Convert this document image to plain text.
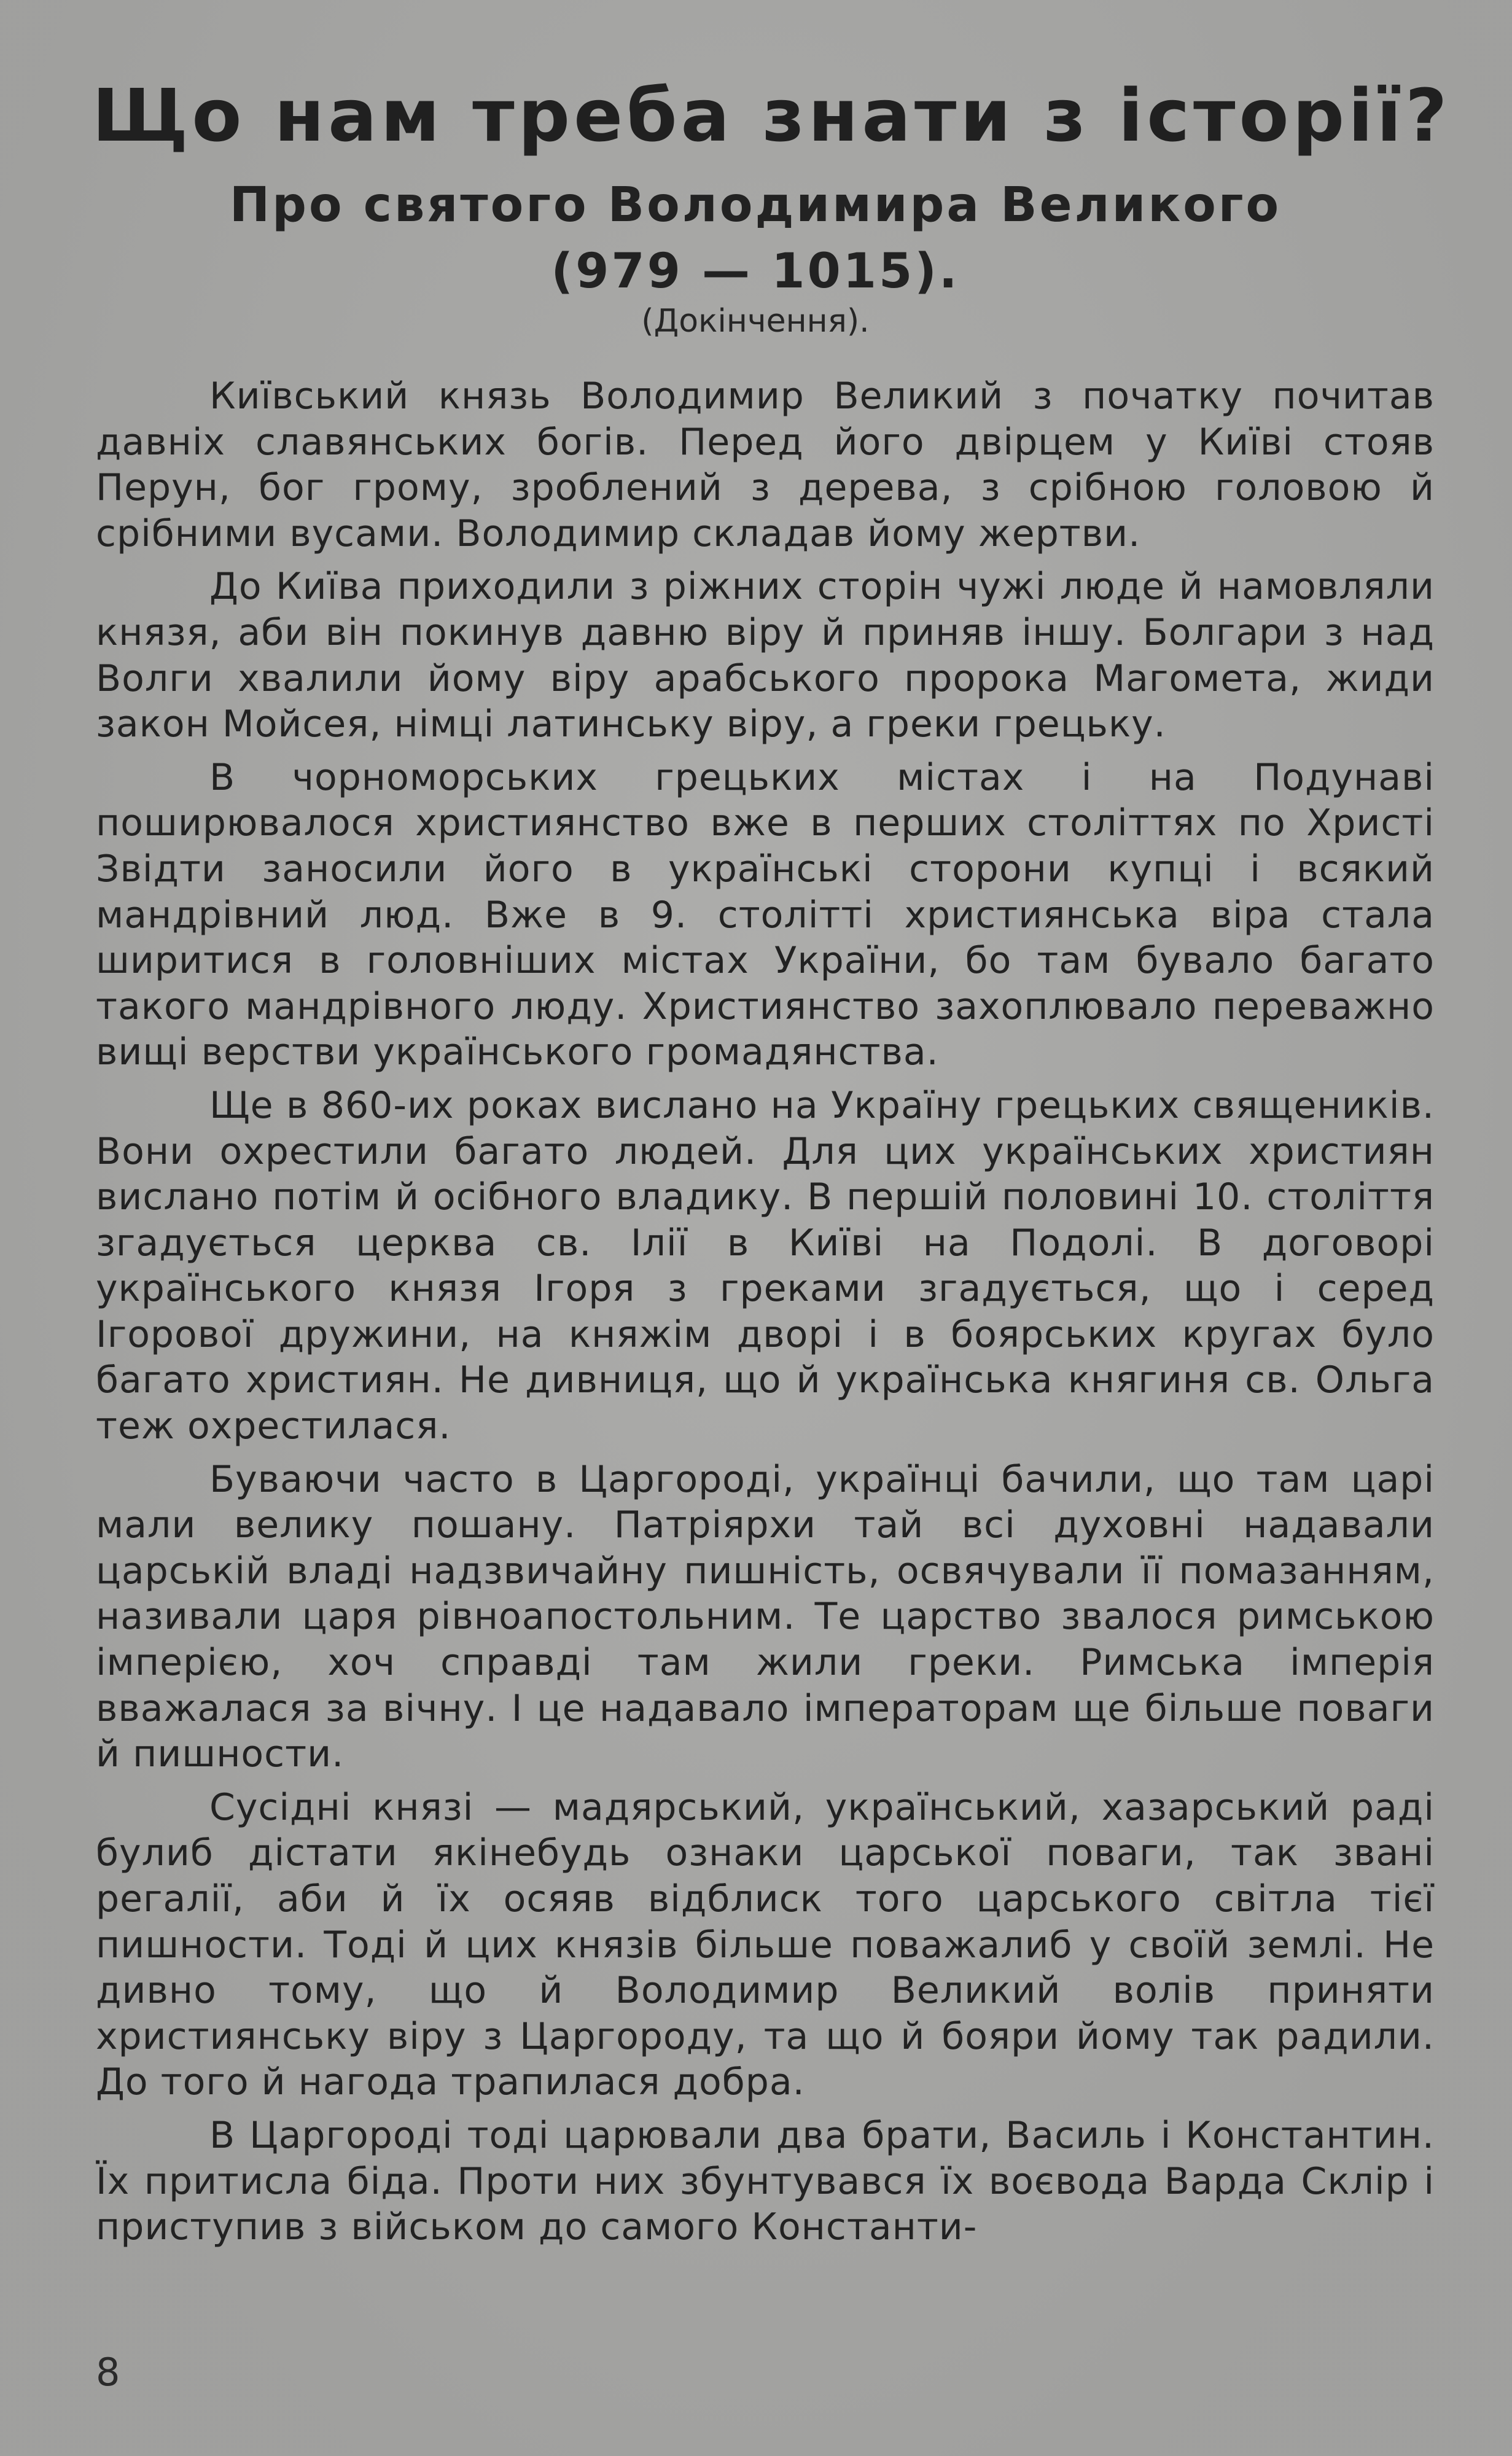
Що нам треба знати з історії?
Про святого Володимира Великого
(979 — 1015).
(Докінчення).

Київський князь Володимир Великий з початку почитав давніх славянських богів. Перед його двірцем у Київі стояв Перун, бог грому, зроблений з дерева, з срібною головою й срібними вусами. Володимир складав йому жертви.

До Київа приходили з ріжних сторін чужі люде й намовляли князя, аби він покинув давню віру й приняв іншу. Болгари з над Волги хвалили йому віру арабського пророка Магомета, жиди закон Мойсея, німці латинську віру, а греки грецьку.

В чорноморських грецьких містах і на Подунаві поширювалося християнство вже в перших століттях по Христі Звідти заносили його в українські сторони купці і всякий мандрівний люд. Вже в 9. столітті християнська віра стала ширитися в головніших містах України, бо там бувало багато такого мандрівного люду. Християнство захоплювало переважно вищі верстви українського громадянства.

Ще в 860-их роках вислано на Україну грецьких священиків. Вони охрестили багато людей. Для цих українських християн вислано потім й осібного владику. В першій половині 10. століття згадується церква св. Ілії в Київі на Подолі. В договорі українського князя Ігоря з греками згадується, що і серед Ігорової дружини, на княжім дворі і в боярських кругах було багато християн. Не дивниця, що й українська княгиня св. Ольга теж охрестилася.

Буваючи часто в Царгороді, українці бачили, що там царі мали велику пошану. Патріярхи тай всі духовні надавали царській владі надзвичайну пишність, освячували її помазанням, називали царя рівноапостольним. Те царство звалося римською імперією, хоч справді там жили греки. Римська імперія вважалася за вічну. І це надавало імператорам ще більше поваги й пишности.

Сусідні князі — мадярський, український, хазарський раді булиб дістати якінебудь ознаки царської поваги, так звані регалії, аби й їх осяяв відблиск того царського світла тієї пишности. Тоді й цих князів більше поважалиб у своїй землі. Не дивно тому, що й Володимир Великий волів приняти християнську віру з Царгороду, та що й бояри йому так радили. До того й нагода трапилася добра.

В Царгороді тоді царювали два брати, Василь і Константин. Їх притисла біда. Проти них збунтувався їх воєвода Варда Склір і приступив з військом до самого Константи-

8
